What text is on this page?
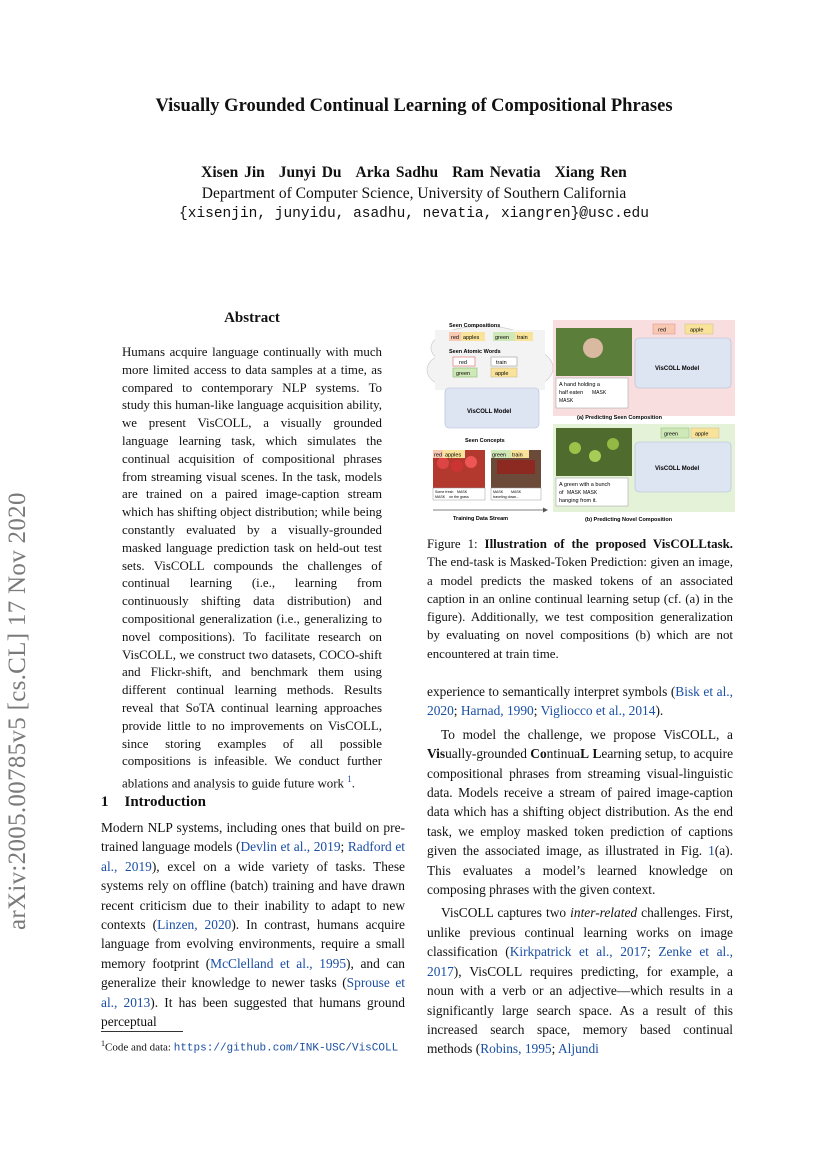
arXiv:2005.00785v5 [cs.CL] 17 Nov 2020
Visually Grounded Continual Learning of Compositional Phrases
Xisen Jin Junyi Du Arka Sadhu Ram Nevatia Xiang Ren
Department of Computer Science, University of Southern California
{xisenjin, junyidu, asadhu, nevatia, xiangren}@usc.edu
Abstract
Humans acquire language continually with much more limited access to data samples at a time, as compared to contemporary NLP systems. To study this human-like language acquisition ability, we present VisCOLL, a visually grounded language learning task, which simulates the continual acquisition of compositional phrases from streaming visual scenes. In the task, models are trained on a paired image-caption stream which has shifting object distribution; while being constantly evaluated by a visually-grounded masked language prediction task on held-out test sets. VisCOLL compounds the challenges of continual learning (i.e., learning from continuously shifting data distribution) and compositional generalization (i.e., generalizing to novel compositions). To facilitate research on VisCOLL, we construct two datasets, COCO-shift and Flickr-shift, and benchmark them using different continual learning methods. Results reveal that SoTA continual learning approaches provide little to no improvements on VisCOLL, since storing examples of all possible compositions is infeasible. We conduct further ablations and analysis to guide future work $^1$.
1 Introduction
Modern NLP systems, including ones that build on pre-trained language models (Devlin et al., 2019; Radford et al., 2019), excel on a wide variety of tasks. These systems rely on offline (batch) training and have drawn recent criticism due to their inability to adapt to new contexts (Linzen, 2020). In contrast, humans acquire language from evolving environments, require a small memory footprint (McClelland et al., 1995), and can generalize their knowledge to newer tasks (Sprouse et al., 2013). It has been suggested that humans ground perceptual
$^1$Code and data: https://github.com/INK-USC/VisCOLL
Seen Compositions
red apples	green train
Seen Atomic Words
red	train
green	apple
VisCOLL Model
Seen Concepts
red apples	green train
Some fresh MASK
MASK on the grass
MASK MASK
traveling down...
Training Data Stream
A hand holding a
half eaten MASK
MASK
red	apple
VisCOLL Model
(a) Predicting Seen Composition
A green with a bunch
of MASK MASK
hanging from it.
green	apple
VisCOLL Model
(b) Predicting Novel Composition
Figure 1: Illustration of the proposed VisCOLLtask. The end-task is Masked-Token Prediction: given an image, a model predicts the masked tokens of an associated caption in an online continual learning setup (cf. (a) in the figure). Additionally, we test composition generalization by evaluating on novel compositions (b) which are not encountered at train time.

experience to semantically interpret symbols (Bisk et al., 2020; Harnad, 1990; Vigliocco et al., 2014).

To model the challenge, we propose VisCOLL, a Visually-grounded ContinuaL Learning setup, to acquire compositional phrases from streaming visual-linguistic data. Models receive a stream of paired image-caption data which has a shifting object distribution. As the end task, we employ masked token prediction of captions given the associated image, as illustrated in Fig. 1(a). This evaluates a model’s learned knowledge on composing phrases with the given context.

VisCOLL captures two inter-related challenges. First, unlike previous continual learning works on image classification (Kirkpatrick et al., 2017; Zenke et al., 2017), VisCOLL requires predicting, for example, a noun with a verb or an adjective—which results in a significantly large search space. As a result of this increased search space, memory based continual methods (Robins, 1995; Aljundi
